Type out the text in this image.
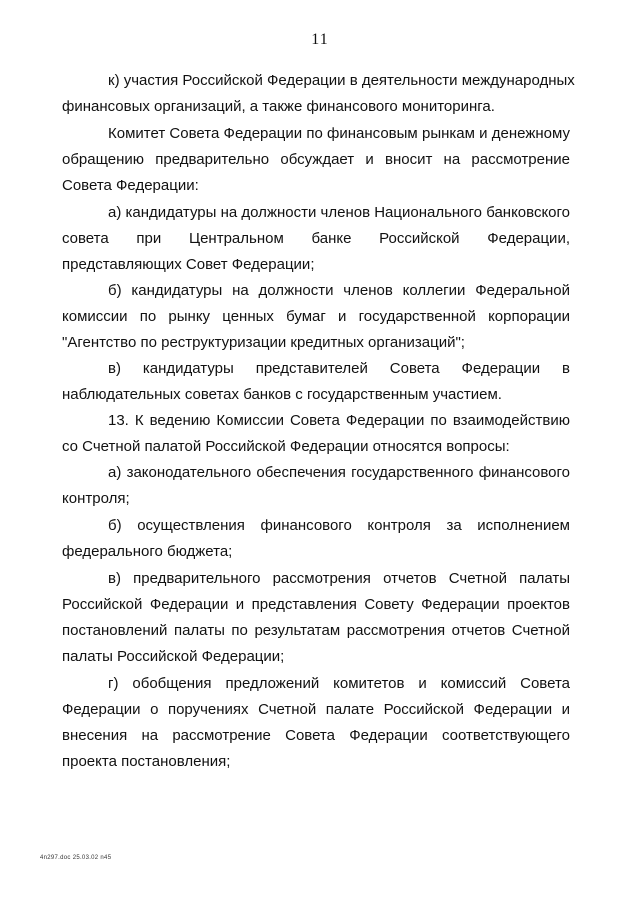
11
к) участия Российской Федерации в деятельности международных
финансовых организаций, а также финансового мониторинга.
Комитет Совета Федерации по финансовым рынкам и денежному
обращению предварительно обсуждает и вносит на рассмотрение
Совета Федерации:
а) кандидатуры на должности членов Национального банковского
совета при Центральном банке Российской Федерации,
представляющих Совет Федерации;
б) кандидатуры на должности членов коллегии Федеральной
комиссии по рынку ценных бумаг и государственной корпорации
"Агентство по реструктуризации кредитных организаций";
в) кандидатуры представителей Совета Федерации в
наблюдательных советах банков с государственным участием.
13. К ведению Комиссии Совета Федерации по взаимодействию
со Счетной палатой Российской Федерации относятся вопросы:
а) законодательного обеспечения государственного финансового
контроля;
б) осуществления финансового контроля за исполнением
федерального бюджета;
в) предварительного рассмотрения отчетов Счетной палаты
Российской Федерации и представления Совету Федерации проектов
постановлений палаты по результатам рассмотрения отчетов Счетной
палаты Российской Федерации;
г) обобщения предложений комитетов и комиссий Совета
Федерации о поручениях Счетной палате Российской Федерации и
внесения на рассмотрение Совета Федерации соответствующего
проекта постановления;
4n297.doc 25.03.02 n45
